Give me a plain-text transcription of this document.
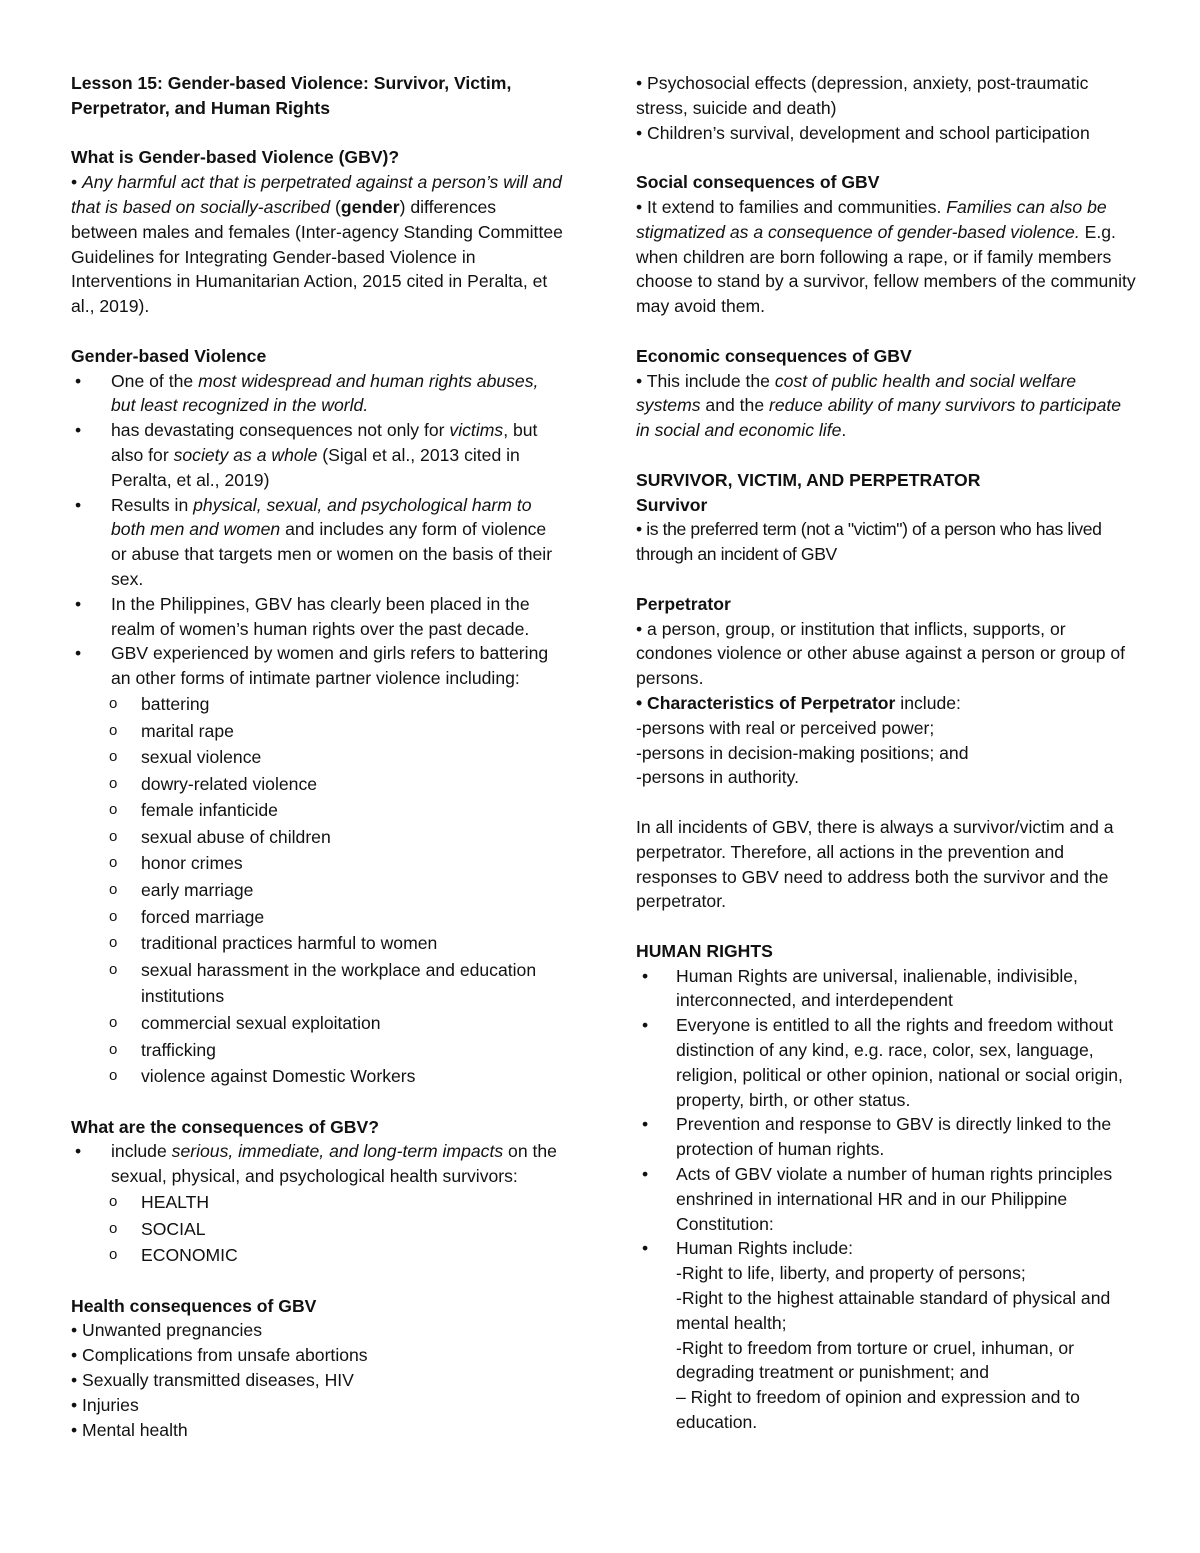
Lesson 15: Gender-based Violence: Survivor, Victim,
Perpetrator, and Human Rights

What is Gender-based Violence (GBV)?

• Any harmful act that is perpetrated against a person’s will and that is based on socially-ascribed (gender) differences between males and females (Inter-agency Standing Committee Guidelines for Integrating Gender-based Violence in Interventions in Humanitarian Action, 2015 cited in Peralta, et al., 2019).

Gender-based Violence

• One of the most widespread and human rights abuses, but least recognized in the world.
• has devastating consequences not only for victims, but also for society as a whole (Sigal et al., 2013 cited in Peralta, et al., 2019)
• Results in physical, sexual, and psychological harm to both men and women and includes any form of violence or abuse that targets men or women on the basis of their sex.
• In the Philippines, GBV has clearly been placed in the realm of women’s human rights over the past decade.
• GBV experienced by women and girls refers to battering an other forms of intimate partner violence including:
o battering
o marital rape
o sexual violence
o dowry-related violence
o female infanticide
o sexual abuse of children
o honor crimes
o early marriage
o forced marriage
o traditional practices harmful to women
o sexual harassment in the workplace and education institutions
o commercial sexual exploitation
o trafficking
o violence against Domestic Workers

What are the consequences of GBV?

• include serious, immediate, and long-term impacts on the sexual, physical, and psychological health survivors:
o HEALTH
o SOCIAL
o ECONOMIC

Health consequences of GBV

• Unwanted pregnancies

• Complications from unsafe abortions

• Sexually transmitted diseases, HIV

• Injuries

• Mental health

• Psychosocial effects (depression, anxiety, post-traumatic stress, suicide and death)

• Children’s survival, development and school participation

Social consequences of GBV

• It extend to families and communities. Families can also be stigmatized as a consequence of gender-based violence. E.g. when children are born following a rape, or if family members choose to stand by a survivor, fellow members of the community may avoid them.

Economic consequences of GBV

• This include the cost of public health and social welfare systems and the reduce ability of many survivors to participate in social and economic life.

SURVIVOR, VICTIM, AND PERPETRATOR

Survivor

• is the preferred term (not a "victim") of a person who has lived through an incident of GBV

Perpetrator

• a person, group, or institution that inflicts, supports, or condones violence or other abuse against a person or group of persons.

• Characteristics of Perpetrator include:

-persons with real or perceived power;

-persons in decision-making positions; and

-persons in authority.

In all incidents of GBV, there is always a survivor/victim and a perpetrator. Therefore, all actions in the prevention and responses to GBV need to address both the survivor and the perpetrator.

HUMAN RIGHTS

• Human Rights are universal, inalienable, indivisible, interconnected, and interdependent
• Everyone is entitled to all the rights and freedom without distinction of any kind, e.g. race, color, sex, language, religion, political or other opinion, national or social origin, property, birth, or other status.
• Prevention and response to GBV is directly linked to the protection of human rights.
• Acts of GBV violate a number of human rights principles enshrined in international HR and in our Philippine Constitution:
• Human Rights include:

-Right to life, liberty, and property of persons;

-Right to the highest attainable standard of physical and mental health;

-Right to freedom from torture or cruel, inhuman, or degrading treatment or punishment; and

– Right to freedom of opinion and expression and to education.
